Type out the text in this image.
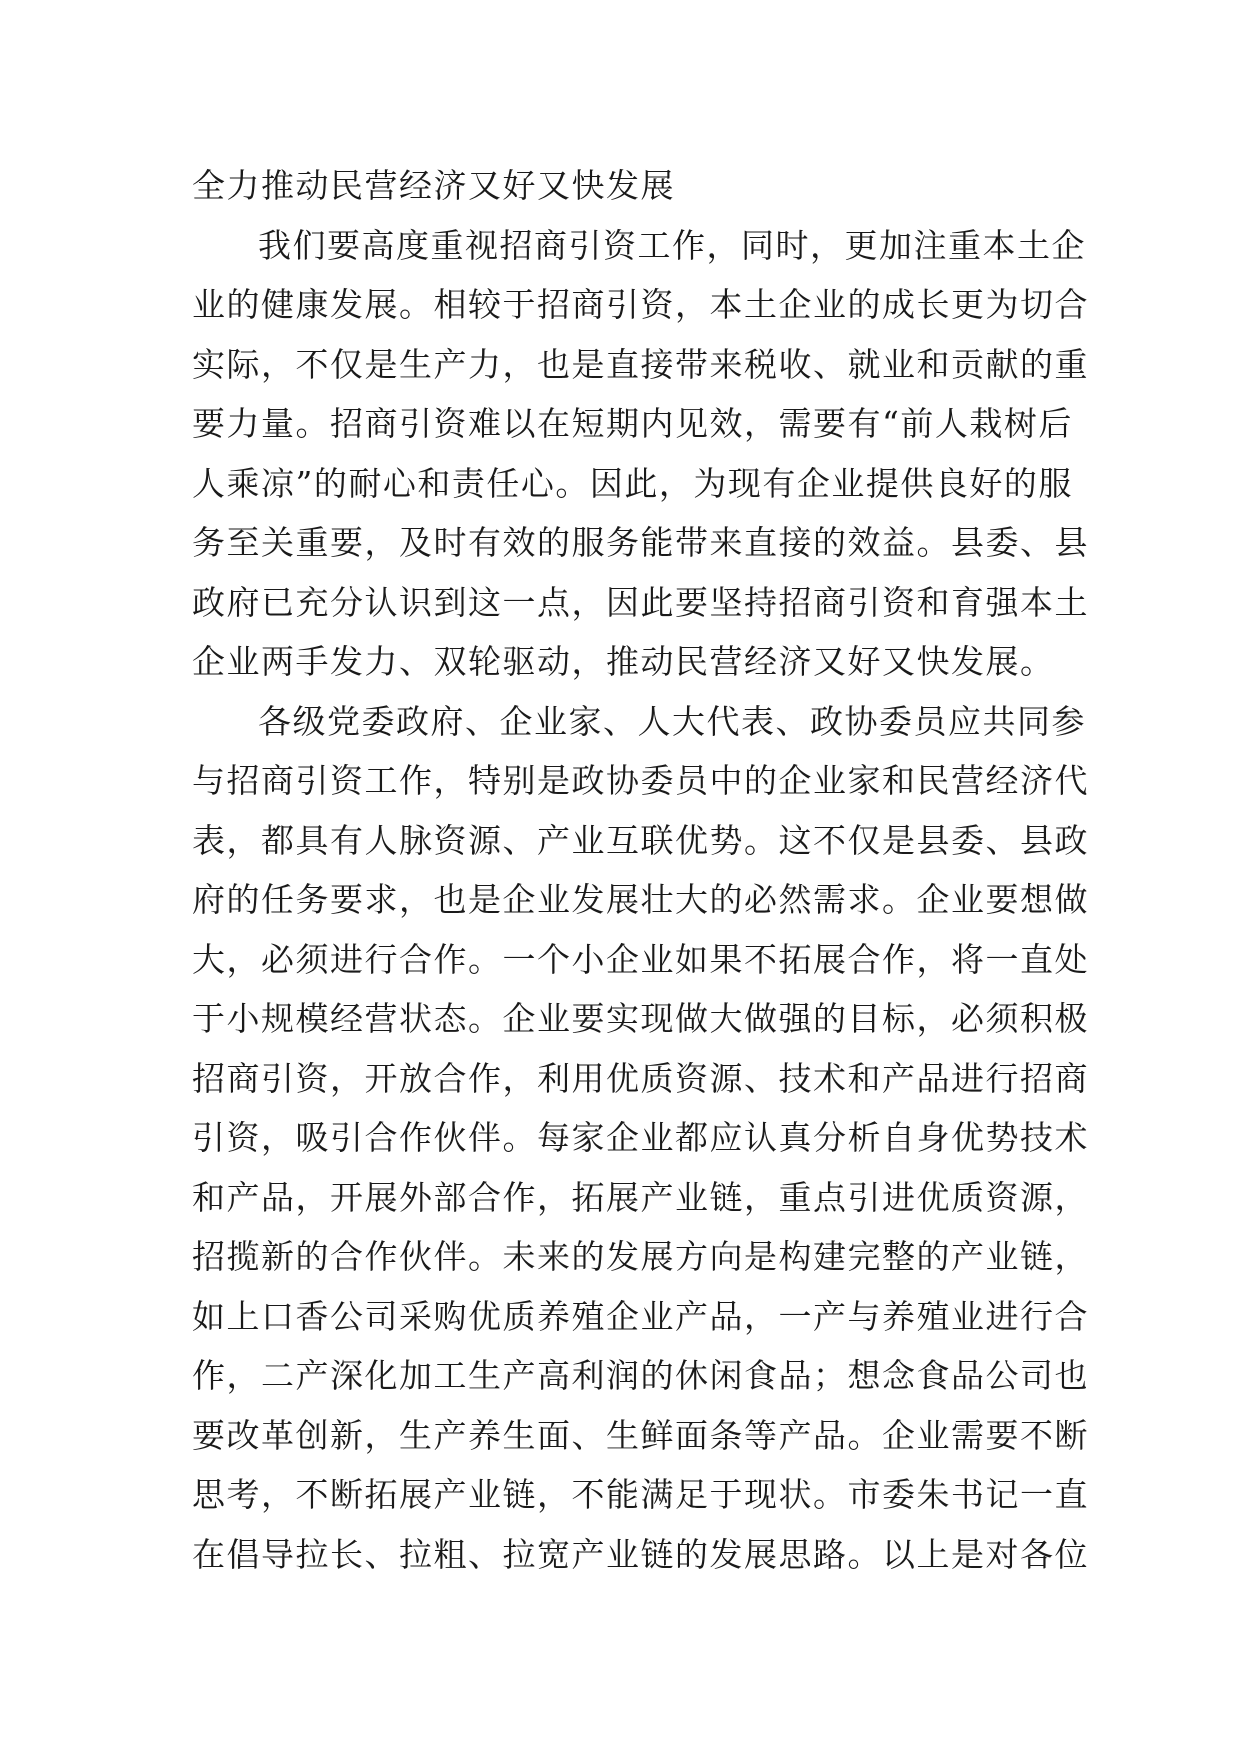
全力推动民营经济又好又快发展
我们要高度重视招商引资工作，同时，更加注重本土企
业的健康发展。相较于招商引资，本土企业的成长更为切合
实际，不仅是生产力，也是直接带来税收、就业和贡献的重
要力量。招商引资难以在短期内见效，需要有“前人栽树后
人乘凉”的耐心和责任心。因此，为现有企业提供良好的服
务至关重要，及时有效的服务能带来直接的效益。县委、县
政府已充分认识到这一点，因此要坚持招商引资和育强本土
企业两手发力、双轮驱动，推动民营经济又好又快发展。
各级党委政府、企业家、人大代表、政协委员应共同参
与招商引资工作，特别是政协委员中的企业家和民营经济代
表，都具有人脉资源、产业互联优势。这不仅是县委、县政
府的任务要求，也是企业发展壮大的必然需求。企业要想做
大，必须进行合作。一个小企业如果不拓展合作，将一直处
于小规模经营状态。企业要实现做大做强的目标，必须积极
招商引资，开放合作，利用优质资源、技术和产品进行招商
引资，吸引合作伙伴。每家企业都应认真分析自身优势技术
和产品，开展外部合作，拓展产业链，重点引进优质资源，
招揽新的合作伙伴。未来的发展方向是构建完整的产业链，
如上口香公司采购优质养殖企业产品，一产与养殖业进行合
作，二产深化加工生产高利润的休闲食品；想念食品公司也
要改革创新，生产养生面、生鲜面条等产品。企业需要不断
思考，不断拓展产业链，不能满足于现状。市委朱书记一直
在倡导拉长、拉粗、拉宽产业链的发展思路。以上是对各位
